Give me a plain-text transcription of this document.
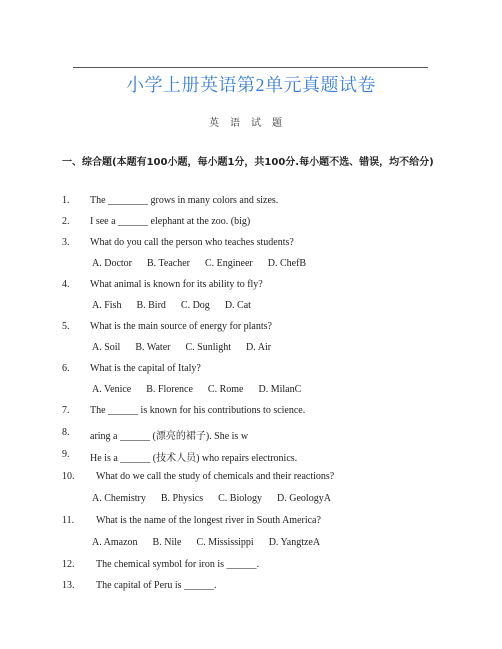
小学上册英语第2单元真题试卷
英语试题
一、综合题(本题有100小题，每小题1分，共100分.每小题不选、错误，均不给分)
1. The ________ grows in many colors and sizes.
2. I see a ______ elephant at the zoo. (big)
3. What do you call the person who teaches students?
A. Doctor B. Teacher C. Engineer D. ChefB
4. What animal is known for its ability to fly?
A. Fish B. Bird C. Dog D. Cat
5. What is the main source of energy for plants?
A. Soil B. Water C. Sunlight D. Air
6. What is the capital of Italy?
A. Venice B. Florence C. Rome D. MilanC
7. The ______ is known for his contributions to science.
8. aring a ______ (漂亮的裙子). She is w
9. He is a ______ (技术人员) who repairs electronics.
10. What do we call the study of chemicals and their reactions?
A. Chemistry B. Physics C. Biology D. GeologyA
11. What is the name of the longest river in South America?
A. Amazon B. Nile C. Mississippi D. YangtzeA
12. The chemical symbol for iron is ______.
13. The capital of Peru is ______.
